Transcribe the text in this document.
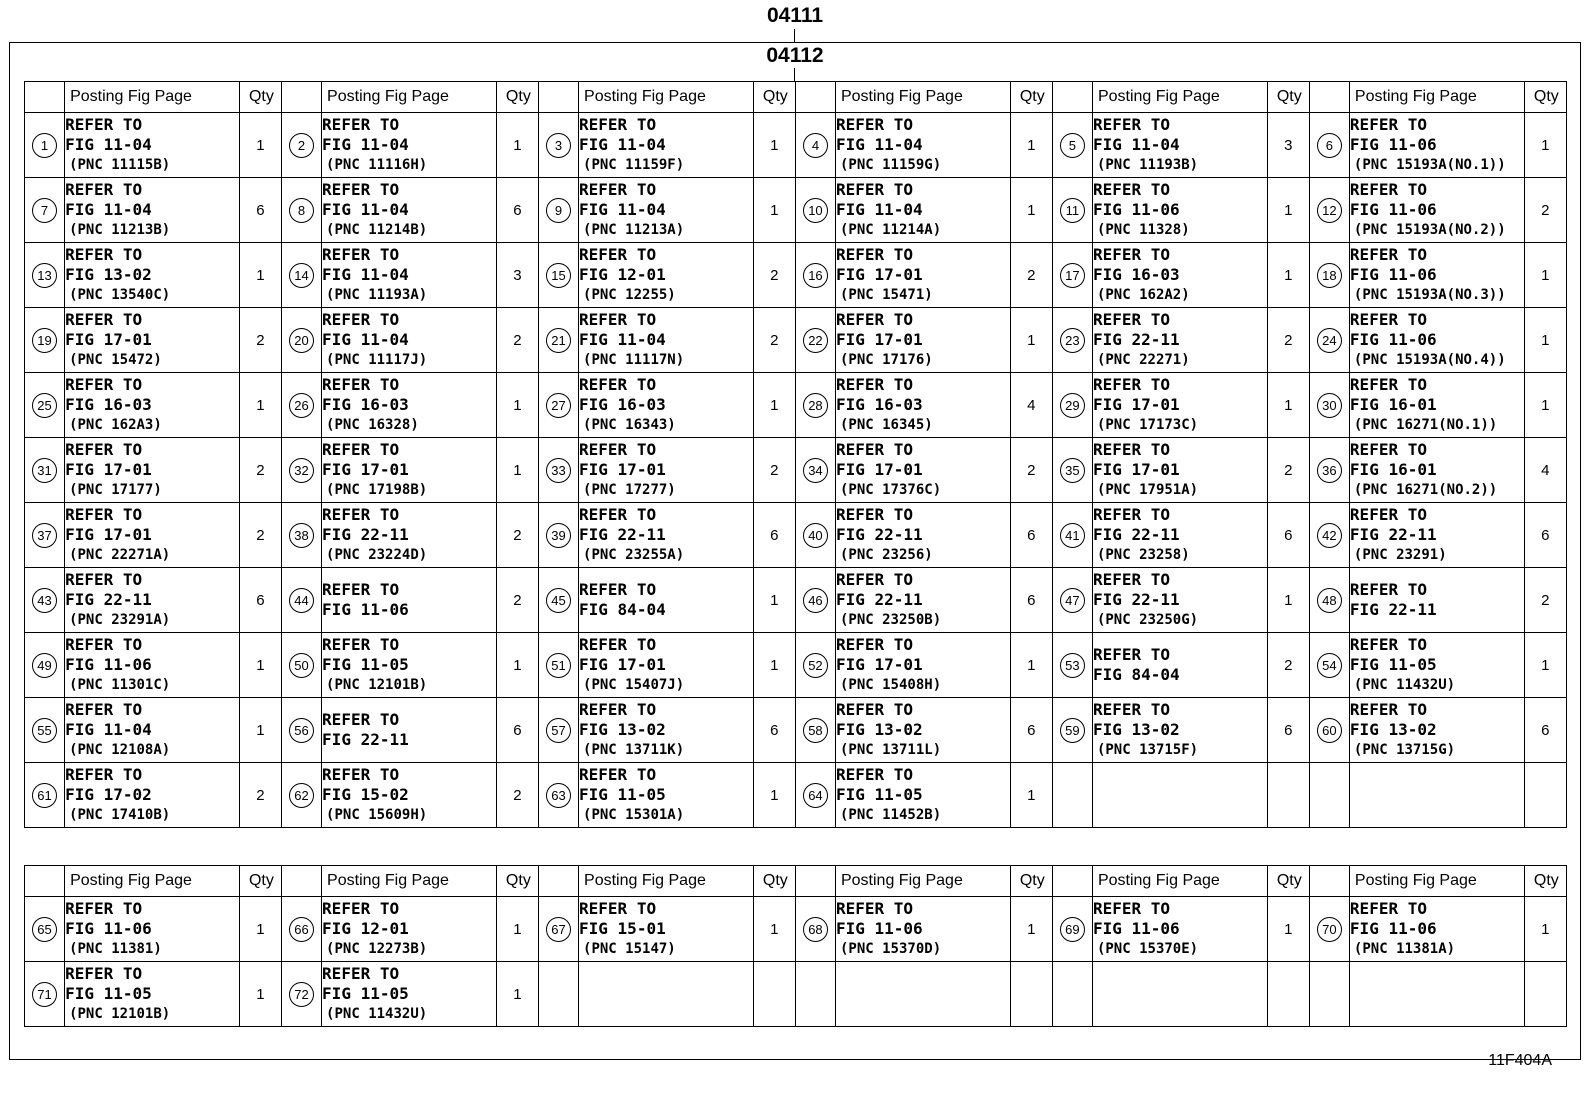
04111
04112
	Posting Fig Page	Qty		Posting Fig Page	Qty		Posting Fig Page	Qty		Posting Fig Page	Qty		Posting Fig Page	Qty		Posting Fig Page	Qty
1	REFER TO
FIG 11-04
(PNC 11115B)	1	2	REFER TO
FIG 11-04
(PNC 11116H)	1	3	REFER TO
FIG 11-04
(PNC 11159F)	1	4	REFER TO
FIG 11-04
(PNC 11159G)	1	5	REFER TO
FIG 11-04
(PNC 11193B)	3	6	REFER TO
FIG 11-06
(PNC 15193A(NO.1))	1
7	REFER TO
FIG 11-04
(PNC 11213B)	6	8	REFER TO
FIG 11-04
(PNC 11214B)	6	9	REFER TO
FIG 11-04
(PNC 11213A)	1	10	REFER TO
FIG 11-04
(PNC 11214A)	1	11	REFER TO
FIG 11-06
(PNC 11328)	1	12	REFER TO
FIG 11-06
(PNC 15193A(NO.2))	2
13	REFER TO
FIG 13-02
(PNC 13540C)	1	14	REFER TO
FIG 11-04
(PNC 11193A)	3	15	REFER TO
FIG 12-01
(PNC 12255)	2	16	REFER TO
FIG 17-01
(PNC 15471)	2	17	REFER TO
FIG 16-03
(PNC 162A2)	1	18	REFER TO
FIG 11-06
(PNC 15193A(NO.3))	1
19	REFER TO
FIG 17-01
(PNC 15472)	2	20	REFER TO
FIG 11-04
(PNC 11117J)	2	21	REFER TO
FIG 11-04
(PNC 11117N)	2	22	REFER TO
FIG 17-01
(PNC 17176)	1	23	REFER TO
FIG 22-11
(PNC 22271)	2	24	REFER TO
FIG 11-06
(PNC 15193A(NO.4))	1
25	REFER TO
FIG 16-03
(PNC 162A3)	1	26	REFER TO
FIG 16-03
(PNC 16328)	1	27	REFER TO
FIG 16-03
(PNC 16343)	1	28	REFER TO
FIG 16-03
(PNC 16345)	4	29	REFER TO
FIG 17-01
(PNC 17173C)	1	30	REFER TO
FIG 16-01
(PNC 16271(NO.1))	1
31	REFER TO
FIG 17-01
(PNC 17177)	2	32	REFER TO
FIG 17-01
(PNC 17198B)	1	33	REFER TO
FIG 17-01
(PNC 17277)	2	34	REFER TO
FIG 17-01
(PNC 17376C)	2	35	REFER TO
FIG 17-01
(PNC 17951A)	2	36	REFER TO
FIG 16-01
(PNC 16271(NO.2))	4
37	REFER TO
FIG 17-01
(PNC 22271A)	2	38	REFER TO
FIG 22-11
(PNC 23224D)	2	39	REFER TO
FIG 22-11
(PNC 23255A)	6	40	REFER TO
FIG 22-11
(PNC 23256)	6	41	REFER TO
FIG 22-11
(PNC 23258)	6	42	REFER TO
FIG 22-11
(PNC 23291)	6
43	REFER TO
FIG 22-11
(PNC 23291A)	6	44	REFER TO
FIG 11-06	2	45	REFER TO
FIG 84-04	1	46	REFER TO
FIG 22-11
(PNC 23250B)	6	47	REFER TO
FIG 22-11
(PNC 23250G)	1	48	REFER TO
FIG 22-11	2
49	REFER TO
FIG 11-06
(PNC 11301C)	1	50	REFER TO
FIG 11-05
(PNC 12101B)	1	51	REFER TO
FIG 17-01
(PNC 15407J)	1	52	REFER TO
FIG 17-01
(PNC 15408H)	1	53	REFER TO
FIG 84-04	2	54	REFER TO
FIG 11-05
(PNC 11432U)	1
55	REFER TO
FIG 11-04
(PNC 12108A)	1	56	REFER TO
FIG 22-11	6	57	REFER TO
FIG 13-02
(PNC 13711K)	6	58	REFER TO
FIG 13-02
(PNC 13711L)	6	59	REFER TO
FIG 13-02
(PNC 13715F)	6	60	REFER TO
FIG 13-02
(PNC 13715G)	6
61	REFER TO
FIG 17-02
(PNC 17410B)	2	62	REFER TO
FIG 15-02
(PNC 15609H)	2	63	REFER TO
FIG 11-05
(PNC 15301A)	1	64	REFER TO
FIG 11-05
(PNC 11452B)	1						
	Posting Fig Page	Qty		Posting Fig Page	Qty		Posting Fig Page	Qty		Posting Fig Page	Qty		Posting Fig Page	Qty		Posting Fig Page	Qty
65	REFER TO
FIG 11-06
(PNC 11381)	1	66	REFER TO
FIG 12-01
(PNC 12273B)	1	67	REFER TO
FIG 15-01
(PNC 15147)	1	68	REFER TO
FIG 11-06
(PNC 15370D)	1	69	REFER TO
FIG 11-06
(PNC 15370E)	1	70	REFER TO
FIG 11-06
(PNC 11381A)	1
71	REFER TO
FIG 11-05
(PNC 12101B)	1	72	REFER TO
FIG 11-05
(PNC 11432U)	1												
11F404A
